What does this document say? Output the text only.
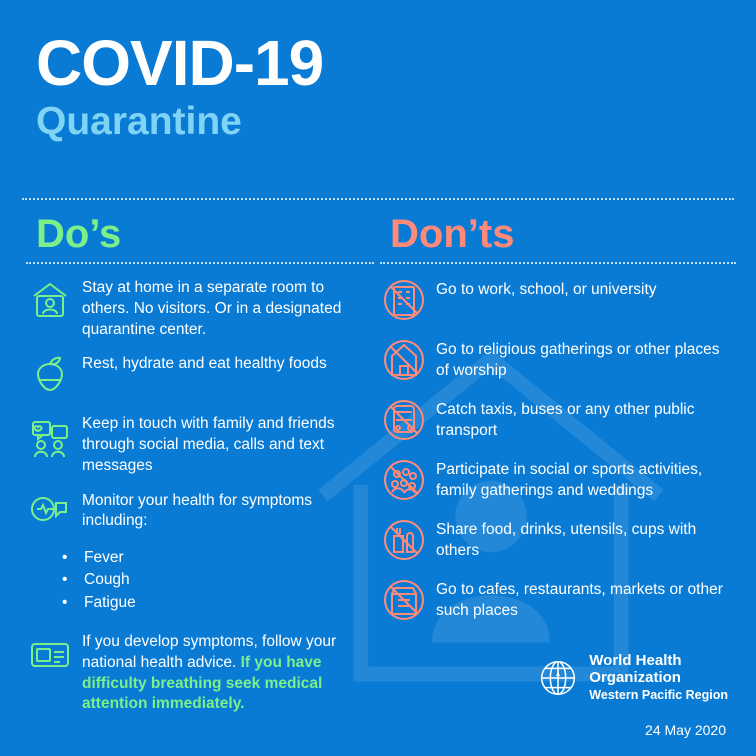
COVID-19
Quarantine
Do’s
Stay at home in a separate room to others. No visitors. Or in a designated quarantine center.
Rest, hydrate and eat healthy foods
Keep in touch with family and friends through social media, calls and text messages
Monitor your health for symptoms including:
• Fever
• Cough
• Fatigue
If you develop symptoms, follow your national health advice. If you have difficulty breathing seek medical attention immediately.
Don’ts
Go to work, school, or university
Go to religious gatherings or other places of worship
Catch taxis, buses or any other public transport
Participate in social or sports activities, family gatherings and weddings
Share food, drinks, utensils, cups with others
Go to cafes, restaurants, markets or other such places
World Health
Organization
Western Pacific Region
24 May 2020
